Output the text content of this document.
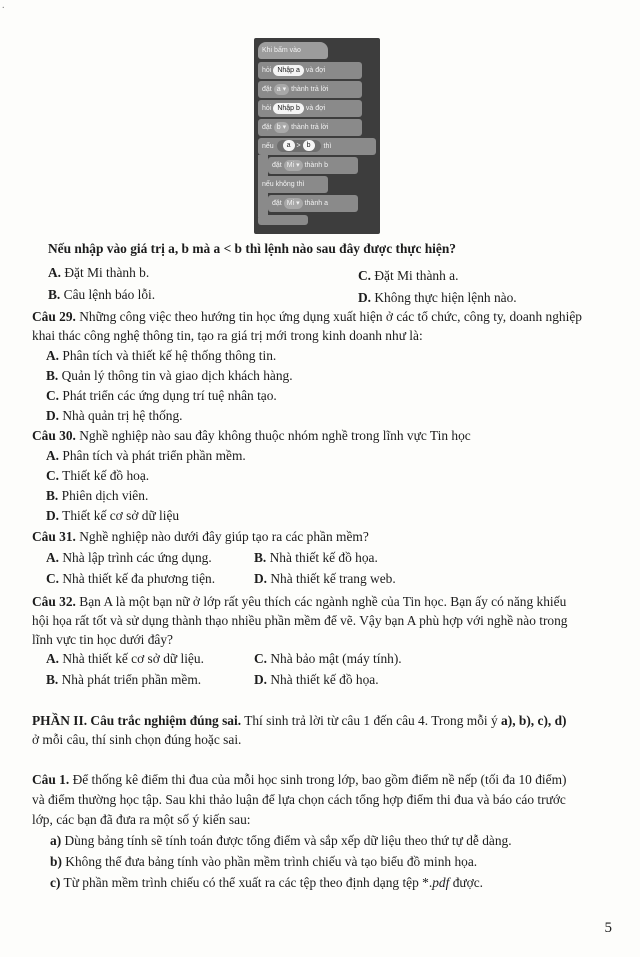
.
Khi bấm vào
hỏi Nhập a và đợi
đặt a ▾ thành trả lời
hỏi Nhập b và đợi
đặt b ▾ thành trả lời
nếu a > b thì
đặt Mi ▾ thành b
nếu không thì
đặt Mi ▾ thành a
Nếu nhập vào giá trị a, b mà a < b thì lệnh nào sau đây được thực hiện?
A. Đặt Mi thành b.	C. Đặt Mi thành a.
B. Câu lệnh báo lỗi.	D. Không thực hiện lệnh nào.
Câu 29. Những công việc theo hướng tin học ứng dụng xuất hiện ở các tổ chức, công ty, doanh nghiệp
khai thác công nghệ thông tin, tạo ra giá trị mới trong kinh doanh như là:
A. Phân tích và thiết kế hệ thống thông tin.
B. Quản lý thông tin và giao dịch khách hàng.
C. Phát triển các ứng dụng trí tuệ nhân tạo.
D. Nhà quản trị hệ thống.
Câu 30. Nghề nghiệp nào sau đây không thuộc nhóm nghề trong lĩnh vực Tin học
A. Phân tích và phát triển phần mềm.
C. Thiết kế đồ hoạ.
B. Phiên dịch viên.
D. Thiết kế cơ sở dữ liệu
Câu 31. Nghề nghiệp nào dưới đây giúp tạo ra các phần mềm?
A. Nhà lập trình các ứng dụng.	B. Nhà thiết kế đồ họa.
C. Nhà thiết kế đa phương tiện.	D. Nhà thiết kế trang web.
Câu 32. Bạn A là một bạn nữ ở lớp rất yêu thích các ngành nghề của Tin học. Bạn ấy có năng khiếu
hội họa rất tốt và sử dụng thành thạo nhiều phần mềm để vẽ. Vậy bạn A phù hợp với nghề nào trong
lĩnh vực tin học dưới đây?
A. Nhà thiết kế cơ sở dữ liệu.	C. Nhà bảo mật (máy tính).
B. Nhà phát triển phần mềm.	D. Nhà thiết kế đồ họa.
PHẦN II. Câu trắc nghiệm đúng sai. Thí sinh trả lời từ câu 1 đến câu 4. Trong mỗi ý a), b), c), d)
ở mỗi câu, thí sinh chọn đúng hoặc sai.
Câu 1. Để thống kê điểm thi đua của mỗi học sinh trong lớp, bao gồm điểm nề nếp (tối đa 10 điểm)
và điểm thường học tập. Sau khi thảo luận để lựa chọn cách tổng hợp điểm thi đua và báo cáo trước
lớp, các bạn đã đưa ra một số ý kiến sau:
a) Dùng bảng tính sẽ tính toán được tổng điểm và sắp xếp dữ liệu theo thứ tự dễ dàng.
b) Không thể đưa bảng tính vào phần mềm trình chiếu và tạo biểu đồ minh họa.
c) Từ phần mềm trình chiếu có thể xuất ra các tệp theo định dạng tệp *.pdf được.
5
